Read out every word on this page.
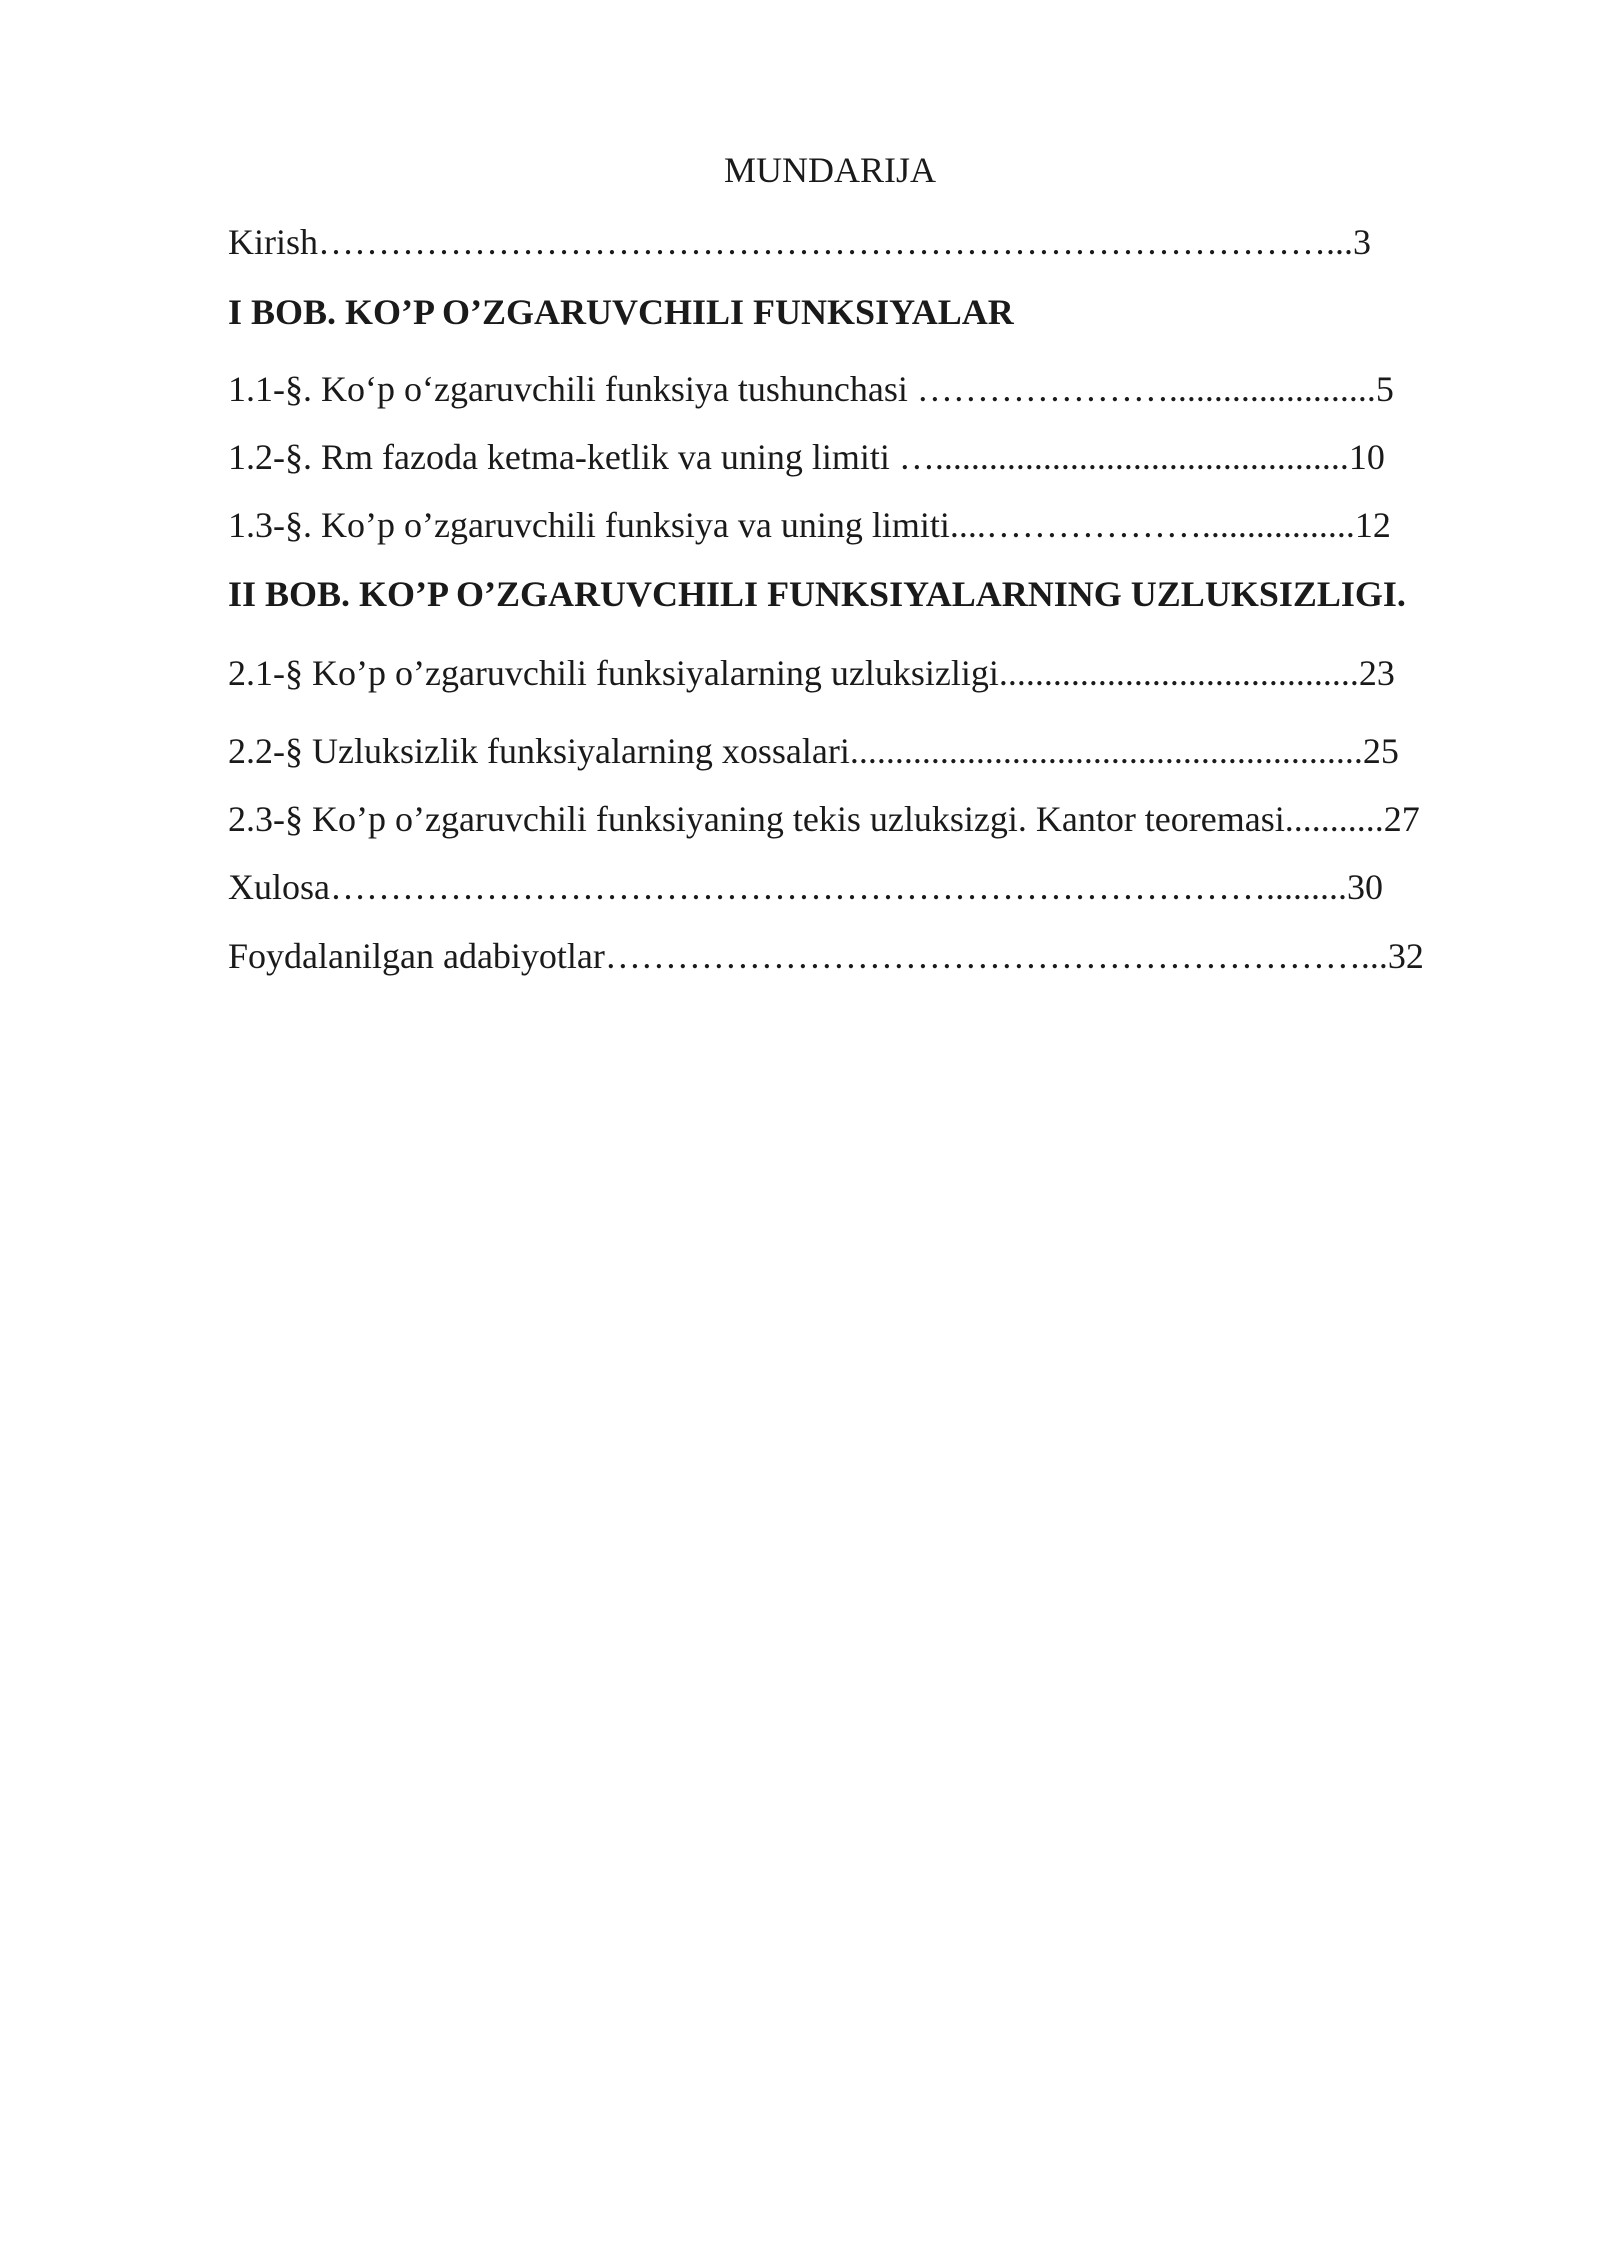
MUNDARIJA
Kirish…………………………………………………………………………...3
I BOB. KO’P O’ZGARUVCHILI FUNKSIYALAR
1.1-§. Koʻp oʻzgaruvchili funksiya tushunchasi ………………….......................5
1.2-§. Rm fazoda ketma-ketlik va uning limiti …..............................................10
1.3-§. Ko’p o’zgaruvchili funksiya va uning limiti....……………….................12
II BOB. KO’P O’ZGARUVCHILI FUNKSIYALARNING UZLUKSIZLIGI.
2.1-§ Ko’p o’zgaruvchili funksiyalarning uzluksizligi........................................23
2.2-§ Uzluksizlik funksiyalarning xossalari.........................................................25
2.3-§ Ko’p o’zgaruvchili funksiyaning tekis uzluksizgi. Kantor teoremasi...........27
Xulosa…………………………………………………………………….........30
Foydalanilgan adabiyotlar………………………………………………………...32
